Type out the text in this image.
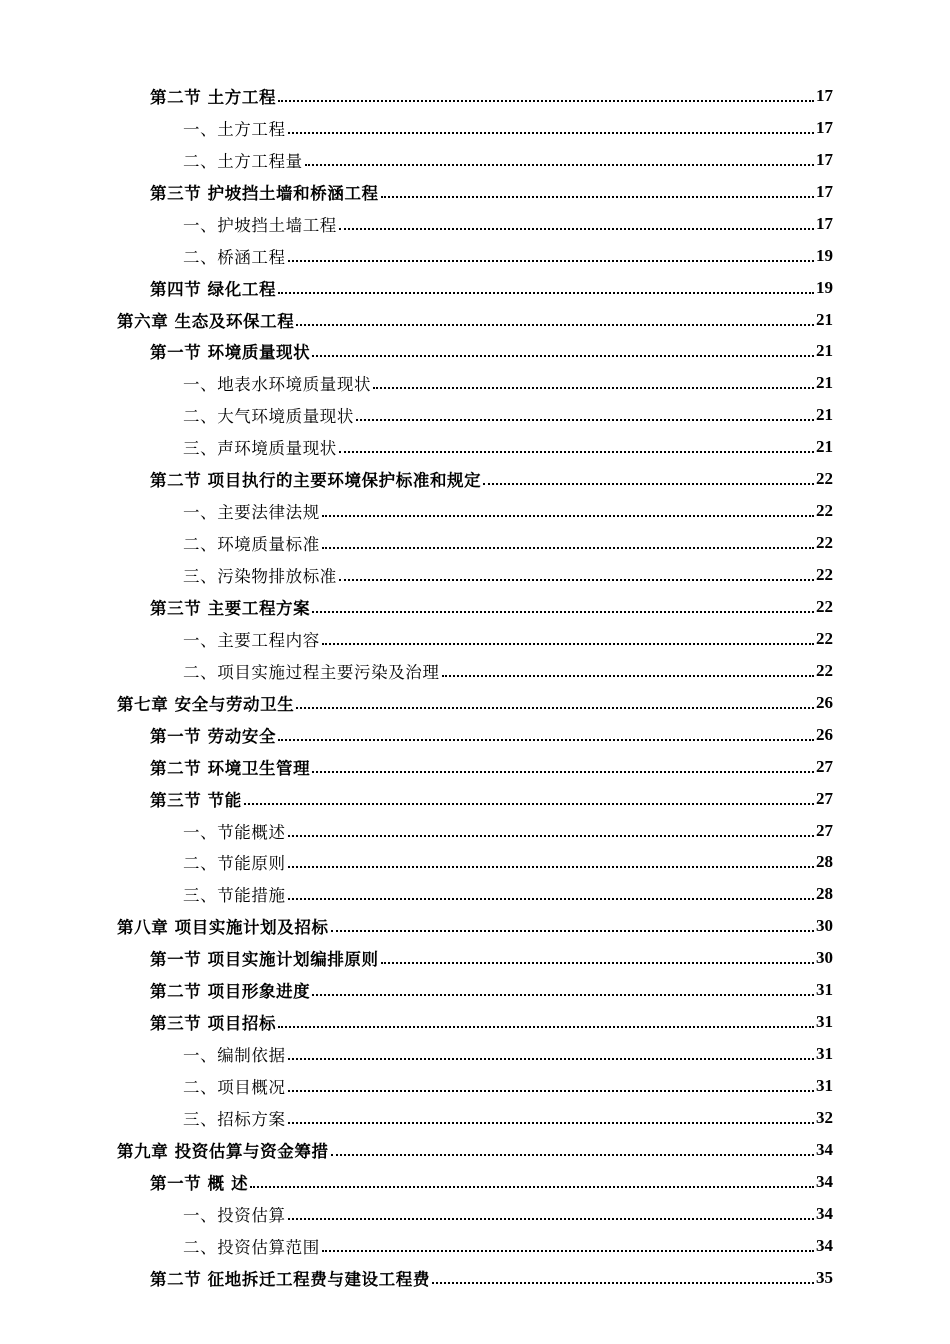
第二节 土方工程	17
一、土方工程	17
二、土方工程量	17
第三节 护坡挡土墙和桥涵工程	17
一、护坡挡土墙工程	17
二、桥涵工程	19
第四节 绿化工程	19
第六章 生态及环保工程	21
第一节 环境质量现状	21
一、地表水环境质量现状	21
二、大气环境质量现状	21
三、声环境质量现状	21
第二节 项目执行的主要环境保护标准和规定	22
一、主要法律法规	22
二、环境质量标准	22
三、污染物排放标准	22
第三节 主要工程方案	22
一、主要工程内容	22
二、项目实施过程主要污染及治理	22
第七章 安全与劳动卫生	26
第一节 劳动安全	26
第二节 环境卫生管理	27
第三节 节能	27
一、节能概述	27
二、节能原则	28
三、节能措施	28
第八章 项目实施计划及招标	30
第一节 项目实施计划编排原则	30
第二节 项目形象进度	31
第三节 项目招标	31
一、编制依据	31
二、项目概况	31
三、招标方案	32
第九章 投资估算与资金筹措	34
第一节 概 述	34
一、投资估算	34
二、投资估算范围	34
第二节 征地拆迁工程费与建设工程费	35
